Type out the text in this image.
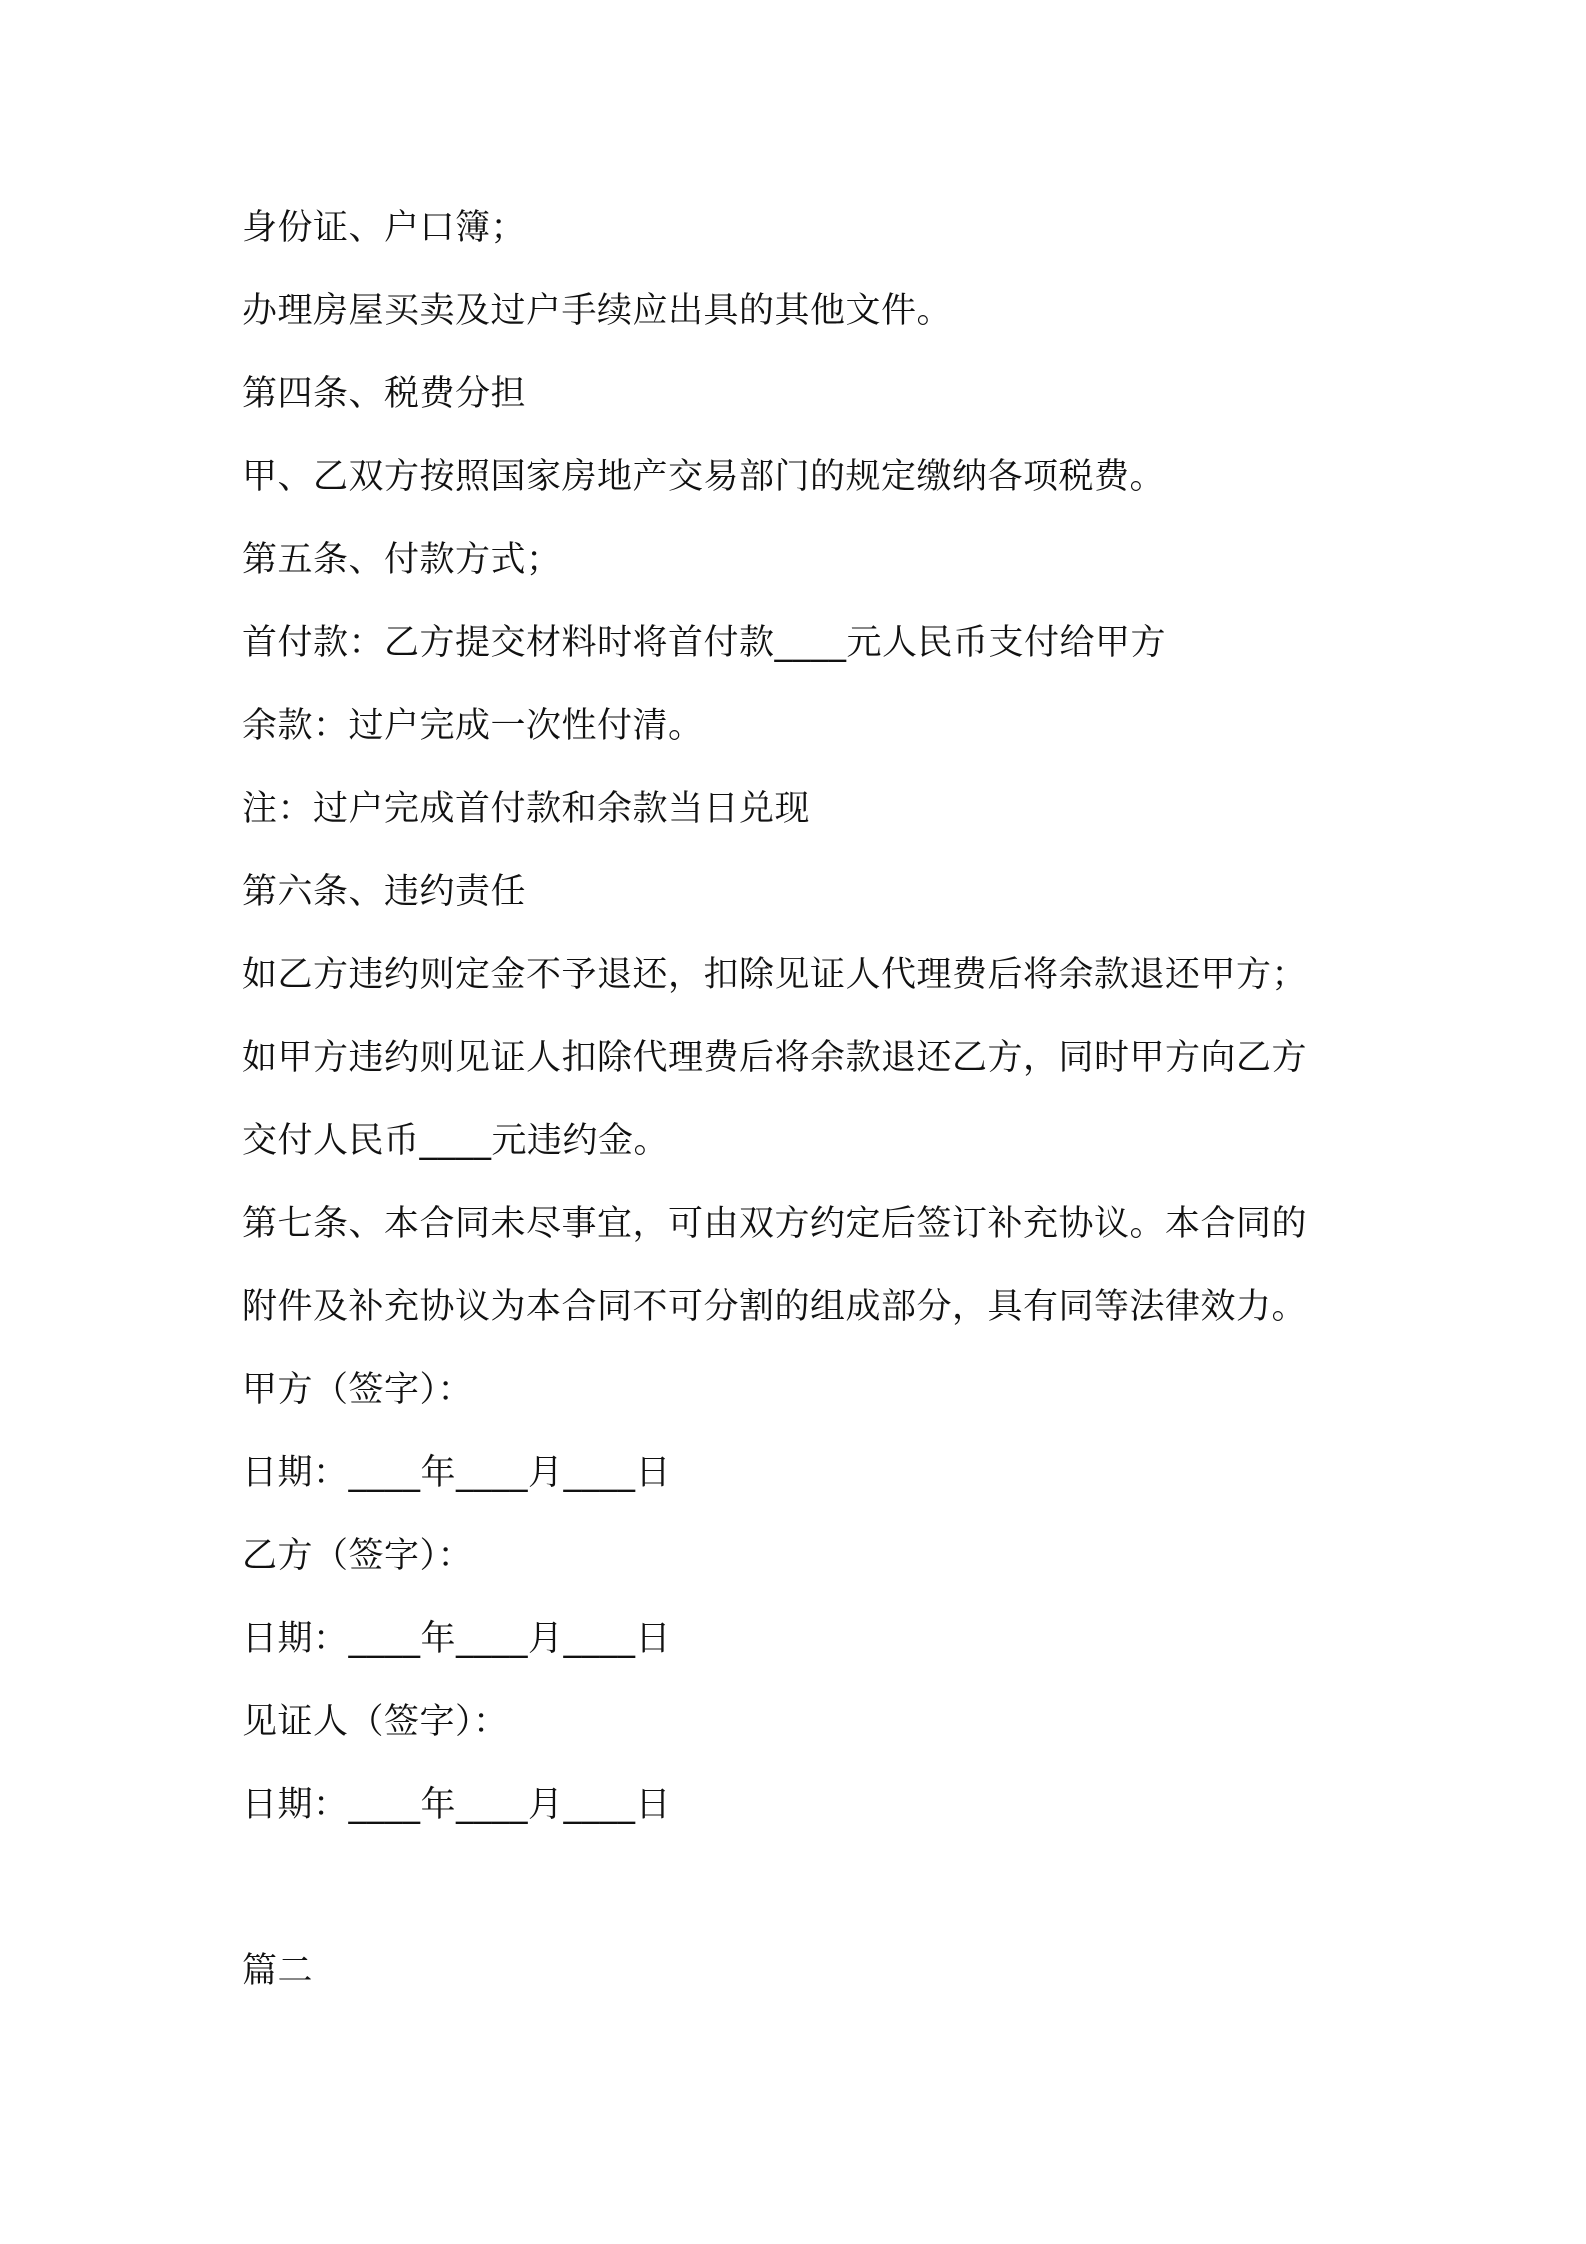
身份证、户口簿；
办理房屋买卖及过户手续应出具的其他文件。
第四条、税费分担
甲、乙双方按照国家房地产交易部门的规定缴纳各项税费。
第五条、付款方式；
首付款：乙方提交材料时将首付款____元人民币支付给甲方
余款：过户完成一次性付清。
注：过户完成首付款和余款当日兑现
第六条、违约责任
如乙方违约则定金不予退还，扣除见证人代理费后将余款退还甲方；
如甲方违约则见证人扣除代理费后将余款退还乙方，同时甲方向乙方
交付人民币____元违约金。
第七条、本合同未尽事宜，可由双方约定后签订补充协议。本合同的
附件及补充协议为本合同不可分割的组成部分，具有同等法律效力。
甲方（签字）：
日期：____年____月____日
乙方（签字）：
日期：____年____月____日
见证人（签字）：
日期：____年____月____日
篇二
